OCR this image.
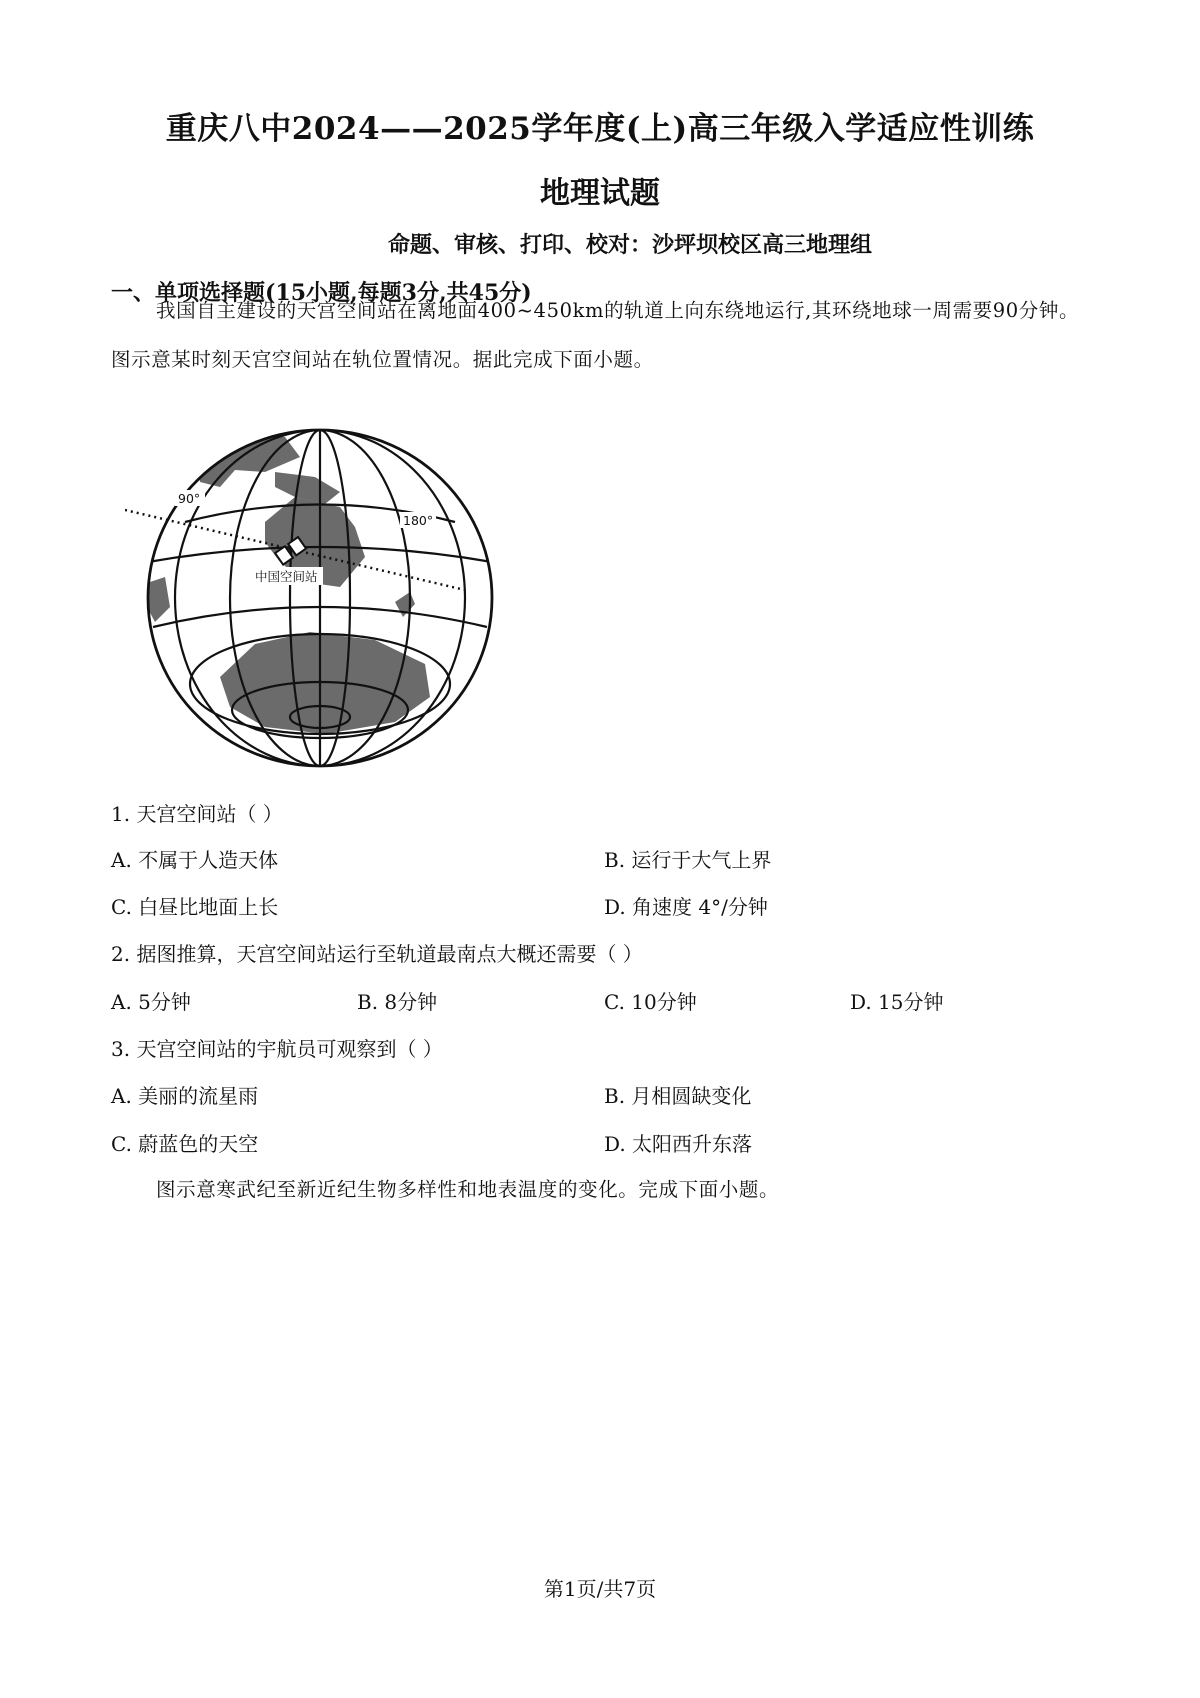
重庆八中2024——2025学年度(上)高三年级入学适应性训练
地理试题
命题、审核、打印、校对：沙坪坝校区高三地理组
一、单项选择题(15小题,每题3分,共45分)
我国自主建设的天宫空间站在离地面400~450km的轨道上向东绕地运行,其环绕地球一周需要90分钟。
图示意某时刻天宫空间站在轨位置情况。据此完成下面小题。
中国空间站
90°
180°
1. 天宫空间站（ ）
A. 不属于人造天体	B. 运行于大气上界
C. 白昼比地面上长	D. 角速度 4°/分钟
2. 据图推算，天宫空间站运行至轨道最南点大概还需要（ ）
A. 5分钟	B. 8分钟	C. 10分钟	D. 15分钟
3. 天宫空间站的宇航员可观察到（ ）
A. 美丽的流星雨	B. 月相圆缺变化
C. 蔚蓝色的天空	D. 太阳西升东落
图示意寒武纪至新近纪生物多样性和地表温度的变化。完成下面小题。
第1页/共7页
